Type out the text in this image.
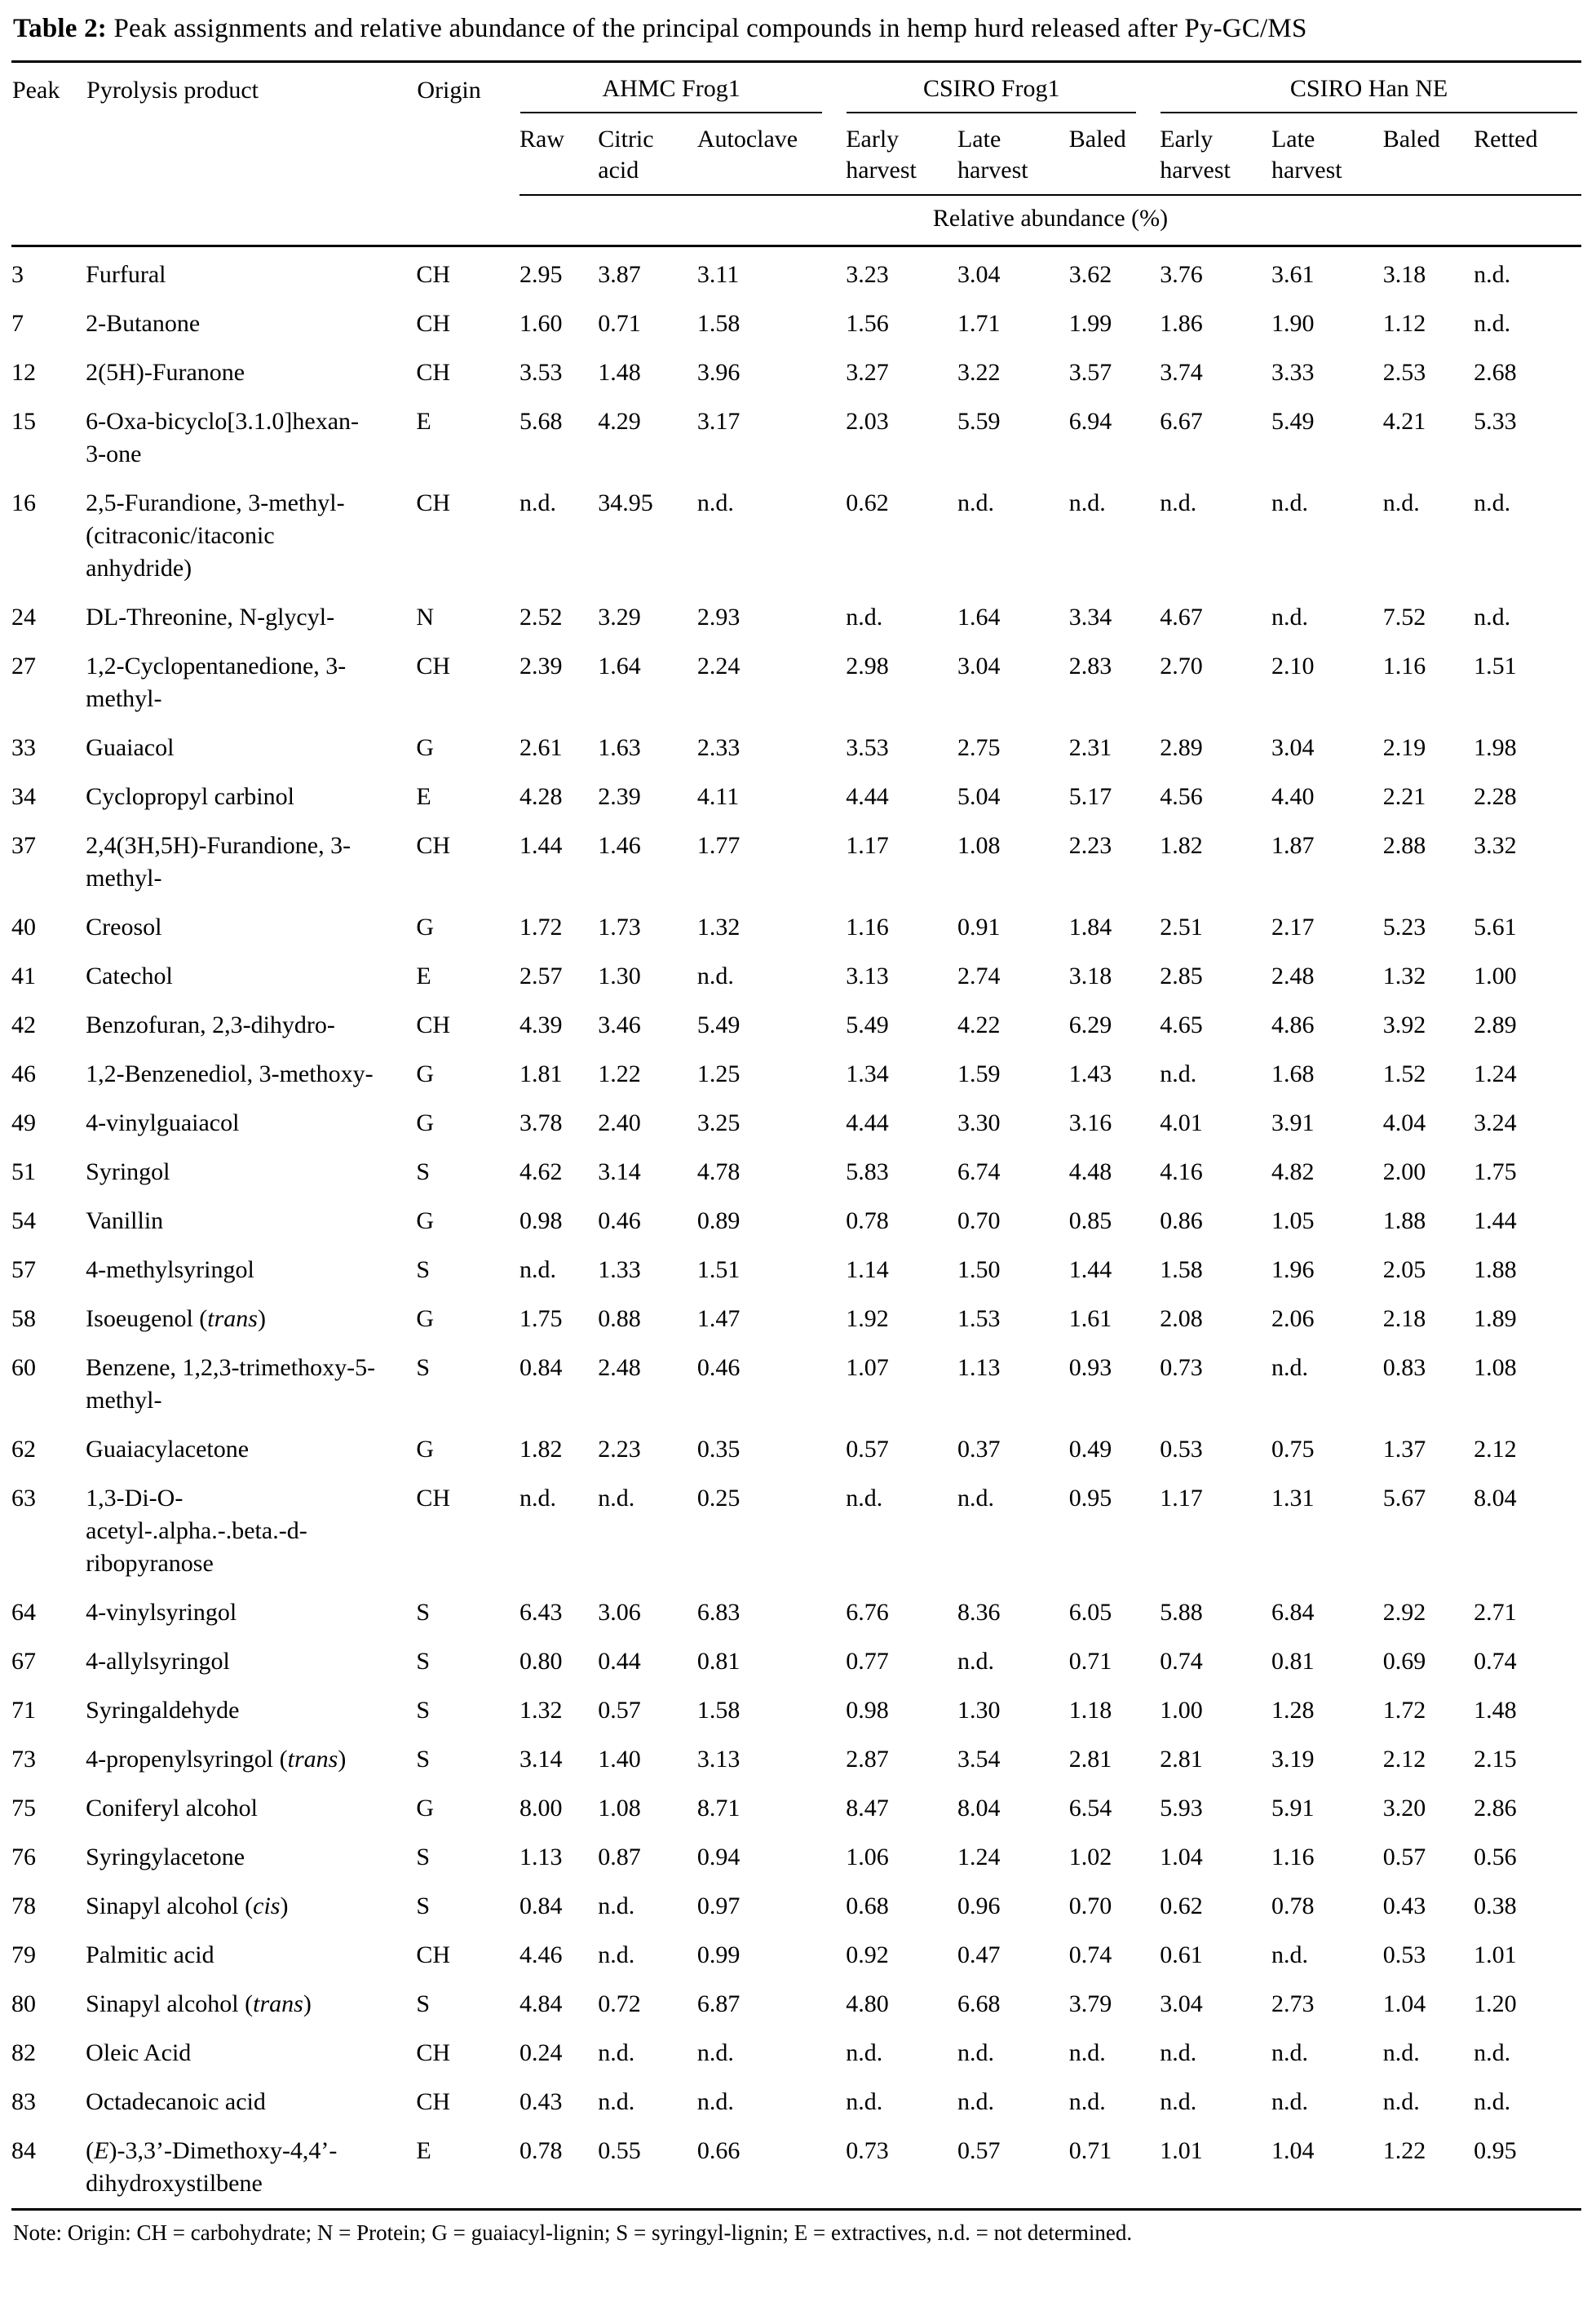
Table 2: Peak assignments and relative abundance of the principal compounds in hemp hurd released after Py-GC/MS
Peak	Pyrolysis product	Origin	AHMC Frog1			CSIRO Frog1			CSIRO Han NE			

			Raw	Citric acid	Autoclave	Early harvest	Late harvest	Baled	Early harvest	Late harvest	Baled	Retted
			Relative abundance (%)									
3	Furfural	CH	2.95	3.87	3.11	3.23	3.04	3.62	3.76	3.61	3.18	n.d.
7	2-Butanone	CH	1.60	0.71	1.58	1.56	1.71	1.99	1.86	1.90	1.12	n.d.
12	2(5H)-Furanone	CH	3.53	1.48	3.96	3.27	3.22	3.57	3.74	3.33	2.53	2.68
15	6-Oxa-bicyclo[3.1.0]hexan-3-one	E	5.68	4.29	3.17	2.03	5.59	6.94	6.67	5.49	4.21	5.33
16	2,5-Furandione, 3-methyl- (citraconic/itaconic anhydride)	CH	n.d.	34.95	n.d.	0.62	n.d.	n.d.	n.d.	n.d.	n.d.	n.d.
24	DL-Threonine, N-glycyl-	N	2.52	3.29	2.93	n.d.	1.64	3.34	4.67	n.d.	7.52	n.d.
27	1,2-Cyclopentanedione, 3-methyl-	CH	2.39	1.64	2.24	2.98	3.04	2.83	2.70	2.10	1.16	1.51
33	Guaiacol	G	2.61	1.63	2.33	3.53	2.75	2.31	2.89	3.04	2.19	1.98
34	Cyclopropyl carbinol	E	4.28	2.39	4.11	4.44	5.04	5.17	4.56	4.40	2.21	2.28
37	2,4(3H,5H)-Furandione, 3-methyl-	CH	1.44	1.46	1.77	1.17	1.08	2.23	1.82	1.87	2.88	3.32
40	Creosol	G	1.72	1.73	1.32	1.16	0.91	1.84	2.51	2.17	5.23	5.61
41	Catechol	E	2.57	1.30	n.d.	3.13	2.74	3.18	2.85	2.48	1.32	1.00
42	Benzofuran, 2,3-dihydro-	CH	4.39	3.46	5.49	5.49	4.22	6.29	4.65	4.86	3.92	2.89
46	1,2-Benzenediol, 3-methoxy-	G	1.81	1.22	1.25	1.34	1.59	1.43	n.d.	1.68	1.52	1.24
49	4-vinylguaiacol	G	3.78	2.40	3.25	4.44	3.30	3.16	4.01	3.91	4.04	3.24
51	Syringol	S	4.62	3.14	4.78	5.83	6.74	4.48	4.16	4.82	2.00	1.75
54	Vanillin	G	0.98	0.46	0.89	0.78	0.70	0.85	0.86	1.05	1.88	1.44
57	4-methylsyringol	S	n.d.	1.33	1.51	1.14	1.50	1.44	1.58	1.96	2.05	1.88
58	Isoeugenol (trans)	G	1.75	0.88	1.47	1.92	1.53	1.61	2.08	2.06	2.18	1.89
60	Benzene, 1,2,3-trimethoxy-5-methyl-	S	0.84	2.48	0.46	1.07	1.13	0.93	0.73	n.d.	0.83	1.08
62	Guaiacylacetone	G	1.82	2.23	0.35	0.57	0.37	0.49	0.53	0.75	1.37	2.12
63	1,3-Di-O-acetyl-.alpha.-.beta.-d-ribopyranose	CH	n.d.	n.d.	0.25	n.d.	n.d.	0.95	1.17	1.31	5.67	8.04
64	4-vinylsyringol	S	6.43	3.06	6.83	6.76	8.36	6.05	5.88	6.84	2.92	2.71
67	4-allylsyringol	S	0.80	0.44	0.81	0.77	n.d.	0.71	0.74	0.81	0.69	0.74
71	Syringaldehyde	S	1.32	0.57	1.58	0.98	1.30	1.18	1.00	1.28	1.72	1.48
73	4-propenylsyringol (trans)	S	3.14	1.40	3.13	2.87	3.54	2.81	2.81	3.19	2.12	2.15
75	Coniferyl alcohol	G	8.00	1.08	8.71	8.47	8.04	6.54	5.93	5.91	3.20	2.86
76	Syringylacetone	S	1.13	0.87	0.94	1.06	1.24	1.02	1.04	1.16	0.57	0.56
78	Sinapyl alcohol (cis)	S	0.84	n.d.	0.97	0.68	0.96	0.70	0.62	0.78	0.43	0.38
79	Palmitic acid	CH	4.46	n.d.	0.99	0.92	0.47	0.74	0.61	n.d.	0.53	1.01
80	Sinapyl alcohol (trans)	S	4.84	0.72	6.87	4.80	6.68	3.79	3.04	2.73	1.04	1.20
82	Oleic Acid	CH	0.24	n.d.	n.d.	n.d.	n.d.	n.d.	n.d.	n.d.	n.d.	n.d.
83	Octadecanoic acid	CH	0.43	n.d.	n.d.	n.d.	n.d.	n.d.	n.d.	n.d.	n.d.	n.d.
84	(E)-3,3’-Dimethoxy-4,4’-dihydroxystilbene	E	0.78	0.55	0.66	0.73	0.57	0.71	1.01	1.04	1.22	0.95
Note: Origin: CH = carbohydrate; N = Protein; G = guaiacyl-lignin; S = syringyl-lignin; E = extractives, n.d. = not determined.
